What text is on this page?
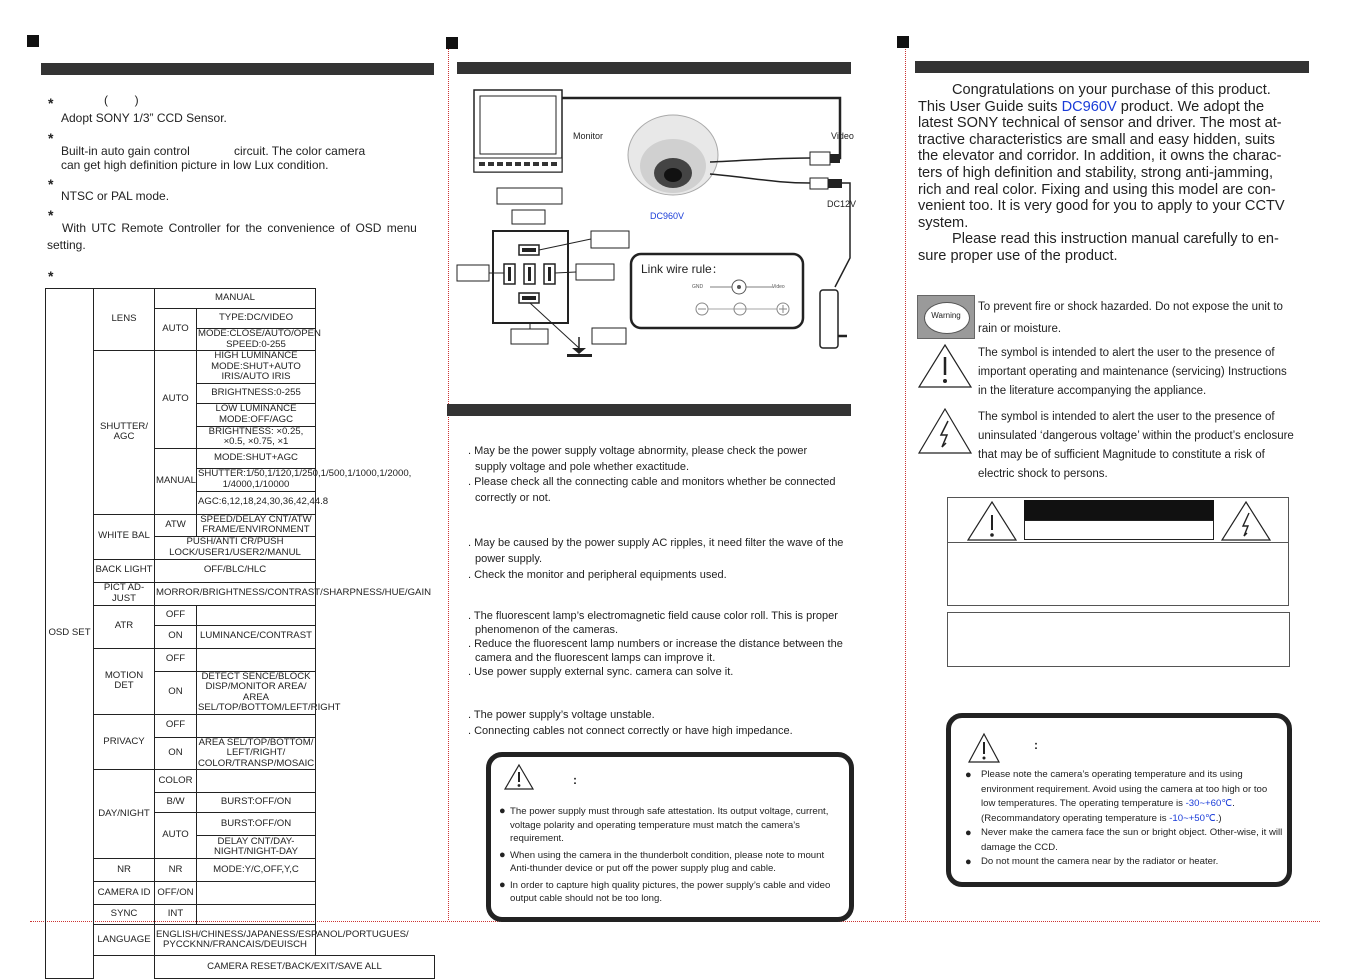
*	(        )
Adopt SONY 1/3” CCD Sensor.
*
Built-in auto gain control	circuit. The color camera
can get high definition picture in low Lux condition.
*
NTSC or PAL mode.
*
With UTC Remote Controller for the convenience of OSD menu
setting.
*
OSD SET	LENS	MANUAL	
		AUTO	TYPE:DC/VIDEO
			MODE:CLOSE/AUTO/OPEN SPEED:0-255
	SHUTTER/ AGC	AUTO	HIGH LUMINANCE MODE:SHUT+AUTO IRIS/AUTO IRIS
			BRIGHTNESS:0-255
			LOW LUMINANCE MODE:OFF/AGC
			BRIGHTNESS: ×0.25, ×0.5, ×0.75, ×1
		MANUAL	MODE:SHUT+AGC
			SHUTTER:1/50,1/120,1/250,1/500,1/1000,1/2000, 1/4000,1/10000
			AGC:6,12,18,24,30,36,42,44.8
	WHITE BAL	ATW	SPEED/DELAY CNT/ATW FRAME/ENVIRONMENT
		PUSH/ANTI CR/PUSH LOCK/USER1/USER2/MANUL	
	BACK LIGHT	OFF/BLC/HLC	
	PICT AD- JUST	MORROR/BRIGHTNESS/CONTRAST/SHARPNESS/HUE/GAIN	
	ATR	OFF	
		ON	LUMINANCE/CONTRAST
	MOTION DET	OFF	
		ON	DETECT SENCE/BLOCK DISP/MONITOR AREA/ AREA SEL/TOP/BOTTOM/LEFT/RIGHT
	PRIVACY	OFF	
		ON	AREA SEL/TOP/BOTTOM/ LEFT/RIGHT/ COLOR/TRANSP/MOSAIC
	DAY/NIGHT	COLOR	
		B/W	BURST:OFF/ON
		AUTO	BURST:OFF/ON
			DELAY CNT/DAY-NIGHT/NIGHT-DAY
	NR	NR	MODE:Y/C,OFF,Y,C
	CAMERA ID	OFF/ON	
	SYNC	INT	
	LANGUAGE	ENGLISH/CHINESS/JAPANESS/ESPANOL/PORTUGUES/ PYCCKNN/FRANCAIS/DEUISCH	
		CAMERA RESET/BACK/EXIT/SAVE ALL	
Monitor	Video
DC960V
DC12V
Link wire rule：
GND	Video
. May be the power supply voltage abnormity, please check the power
supply voltage and pole whether exactitude.
. Please check all the connecting cable and monitors whether be connected
correctly or not.
. May be caused by the power supply AC ripples, it need filter the wave of the
power supply.
. Check the monitor and peripheral equipments used.
. The fluorescent lamp’s electromagnetic field cause color roll. This is proper
phenomenon of the cameras.
. Reduce the fluorescent lamp numbers or increase the distance between the
camera and the fluorescent lamps can improve it.
. Use power supply external sync. camera can solve it.
. The power supply’s voltage unstable.
. Connecting cables not connect correctly or have high impedance.
:
● The power supply must through safe attestation. Its output voltage, current, voltage polarity and operating temperature must match the camera’s requirement.
● When using the camera in the thunderbolt condition, please note to mount Anti-thunder device or put off the power supply plug and cable.
● In order to capture high quality pictures, the power supply’s cable and video output cable should not be too long.
Congratulations on your purchase of this product. This User Guide suits DC960V product. We adopt the latest SONY technical of sensor and driver. The most at-tractive characteristics are small and easy hidden, suits the elevator and corridor. In addition, it owns the charac-ters of high definition and stability, strong anti-jamming, rich and real color. Fixing and using this model are con-venient too. It is very good for you to apply to your CCTV system.
Please read this instruction manual carefully to en-sure proper use of the product.
Warning
To prevent fire or shock hazarded. Do not expose the unit to rain or moisture.
The symbol is intended to alert the user to the presence of important operating and maintenance (servicing) Instructions in the literature accompanying the appliance.
The symbol is intended to alert the user to the presence of uninsulated ‘dangerous voltage’ within the product’s enclosure that may be of sufficient Magnitude to constitute a risk of electric shock to persons.
:
● Please note the camera’s operating temperature and its using environment requirement. Avoid using the camera at too high or too low temperatures. The operating temperature is -30~+60℃. (Recommandatory operating temperature is -10~+50℃.)
● Never make the camera face the sun or bright object. Other-wise, it will damage the CCD.
● Do not mount the camera near by the radiator or heater.
